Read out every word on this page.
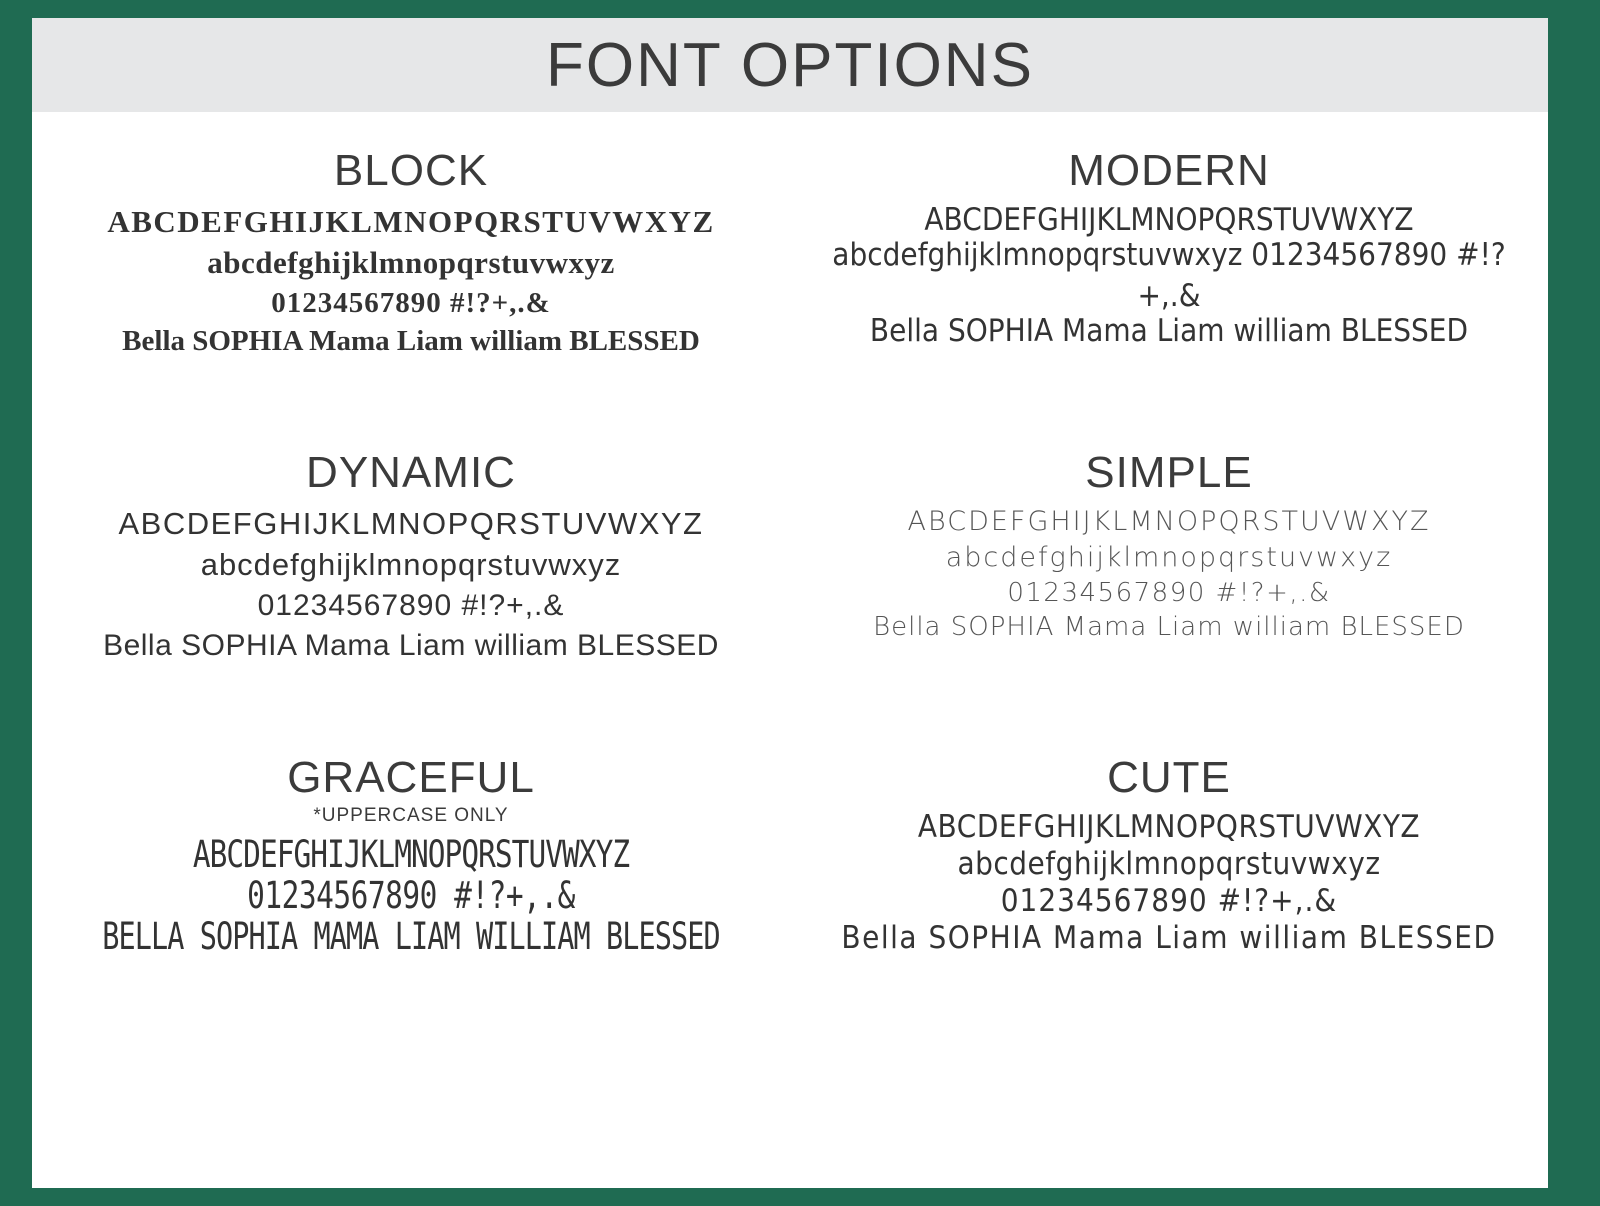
FONT OPTIONS
BLOCK
ABCDEFGHIJKLMNOPQRSTUVWXYZ
abcdefghijklmnopqrstuvwxyz
01234567890 #!?+,.&
Bella SOPHIA Mama Liam william BLESSED
MODERN
ABCDEFGHIJKLMNOPQRSTUVWXYZ
abcdefghijklmnopqrstuvwxyz 01234567890 #!?+,.&
Bella SOPHIA Mama Liam william BLESSED
DYNAMIC
ABCDEFGHIJKLMNOPQRSTUVWXYZ
abcdefghijklmnopqrstuvwxyz
01234567890 #!?+,.&
Bella SOPHIA Mama Liam william BLESSED
SIMPLE
ABCDEFGHIJKLMNOPQRSTUVWXYZ
abcdefghijklmnopqrstuvwxyz
01234567890 #!?+,.&
Bella SOPHIA Mama Liam william BLESSED
GRACEFUL
*UPPERCASE ONLY
ABCDEFGHIJKLMNOPQRSTUVWXYZ
01234567890 #!?+,.&
BELLA SOPHIA MAMA LIAM WILLIAM BLESSED
CUTE
ABCDEFGHIJKLMNOPQRSTUVWXYZ
abcdefghijklmnopqrstuvwxyz
01234567890 #!?+,.&
Bella SOPHIA Mama Liam william BLESSED
